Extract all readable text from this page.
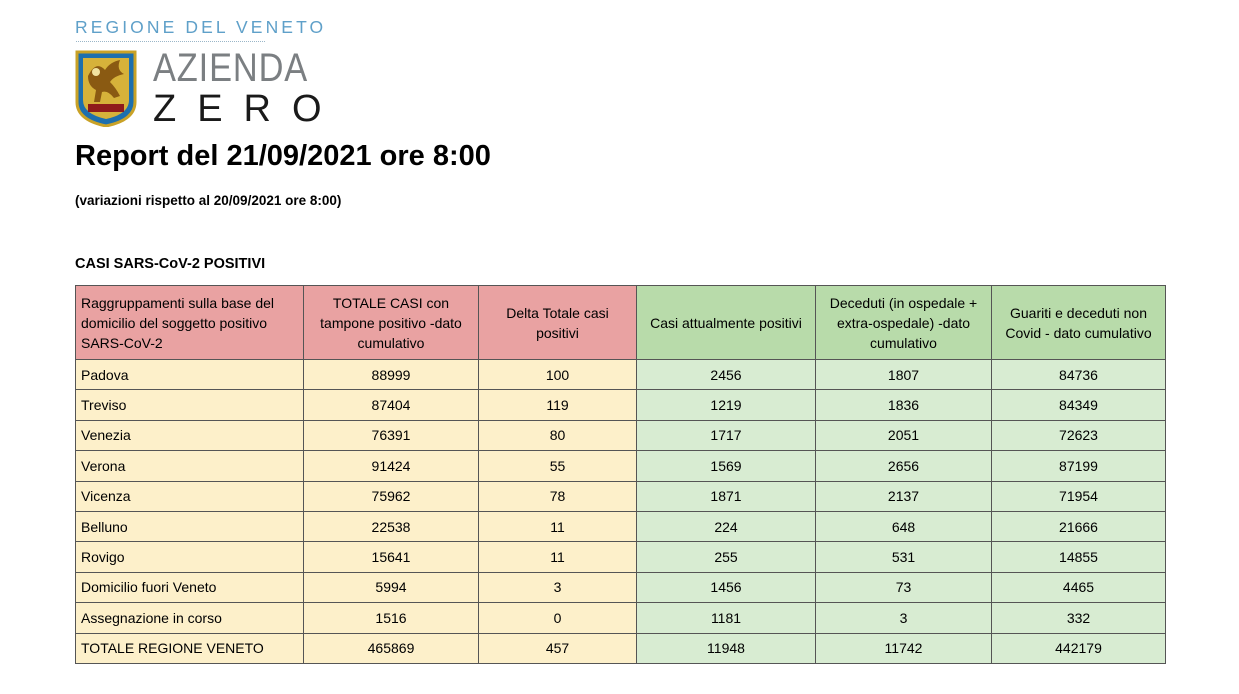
REGIONE DEL VENETO
AZIENDA
ZERO
Report del 21/09/2021 ore 8:00
(variazioni rispetto al 20/09/2021 ore 8:00)
CASI SARS-CoV-2 POSITIVI
Raggruppamenti sulla base del domicilio del soggetto positivo SARS-CoV-2	TOTALE CASI con tampone positivo -dato cumulativo	Delta Totale casi positivi	Casi attualmente positivi	Deceduti (in ospedale + extra-ospedale) -dato cumulativo	Guariti e deceduti non Covid - dato cumulativo
Padova	88999	100	2456	1807	84736
Treviso	87404	119	1219	1836	84349
Venezia	76391	80	1717	2051	72623
Verona	91424	55	1569	2656	87199
Vicenza	75962	78	1871	2137	71954
Belluno	22538	11	224	648	21666
Rovigo	15641	11	255	531	14855
Domicilio fuori Veneto	5994	3	1456	73	4465
Assegnazione in corso	1516	0	1181	3	332
TOTALE REGIONE VENETO	465869	457	11948	11742	442179
